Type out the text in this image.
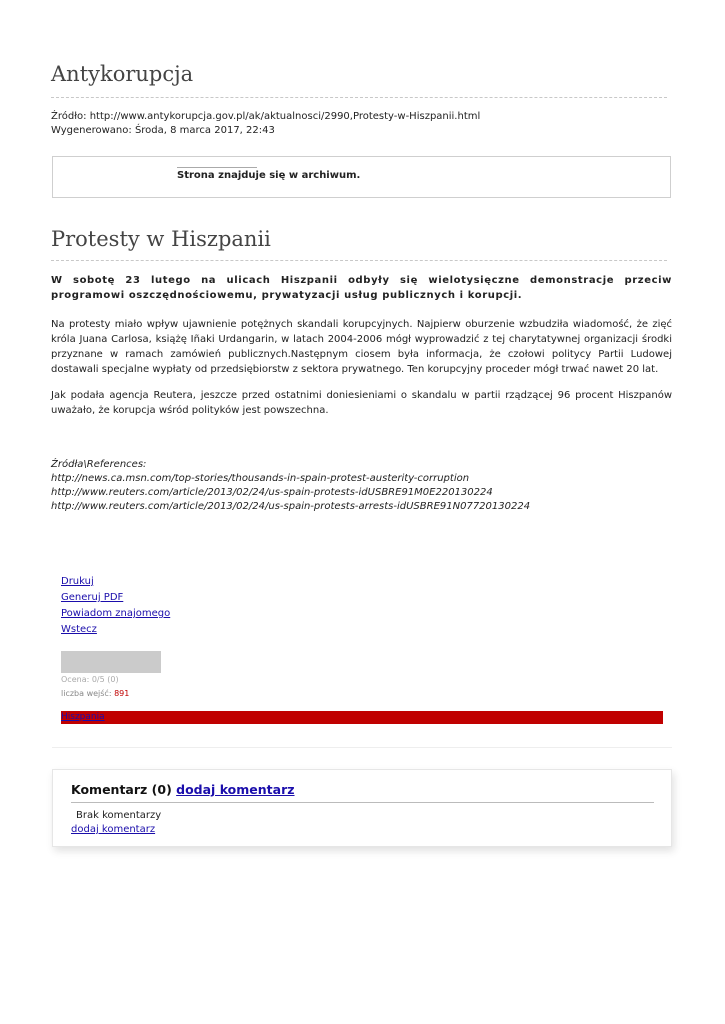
Antykorupcja
Źródło: http://www.antykorupcja.gov.pl/ak/aktualnosci/2990,Protesty-w-Hiszpanii.html
Wygenerowano: Środa, 8 marca 2017, 22:43
Strona znajduje się w archiwum.
Protesty w Hiszpanii
W sobotę 23 lutego na ulicach Hiszpanii odbyły się wielotysięczne demonstracje przeciw programowi oszczędnościowemu, prywatyzacji usług publicznych i korupcji.
Na protesty miało wpływ ujawnienie potężnych skandali korupcyjnych. Najpierw oburzenie wzbudziła wiadomość, że zięć króla Juana Carlosa, książę Iñaki Urdangarin, w latach 2004-2006 mógł wyprowadzić z tej charytatywnej organizacji środki przyznane w ramach zamówień publicznych.Następnym ciosem była informacja, że czołowi politycy Partii Ludowej dostawali specjalne wypłaty od przedsiębiorstw z sektora prywatnego. Ten korupcyjny proceder mógł trwać nawet 20 lat.
Jak podała agencja Reutera, jeszcze przed ostatnimi doniesieniami o skandalu w partii rządzącej 96 procent Hiszpanów uważało, że korupcja wśród polityków jest powszechna.
Źródła\References:
http://news.ca.msn.com/top-stories/thousands-in-spain-protest-austerity-corruption
http://www.reuters.com/article/2013/02/24/us-spain-protests-idUSBRE91M0E220130224
http://www.reuters.com/article/2013/02/24/us-spain-protests-arrests-idUSBRE91N07720130224
Drukuj
Generuj PDF
Powiadom znajomego
Wstecz
Ocena: 0/5 (0)
liczba wejść: 891
Hiszpania
Komentarz (0) dodaj komentarz
Brak komentarzy
dodaj komentarz
